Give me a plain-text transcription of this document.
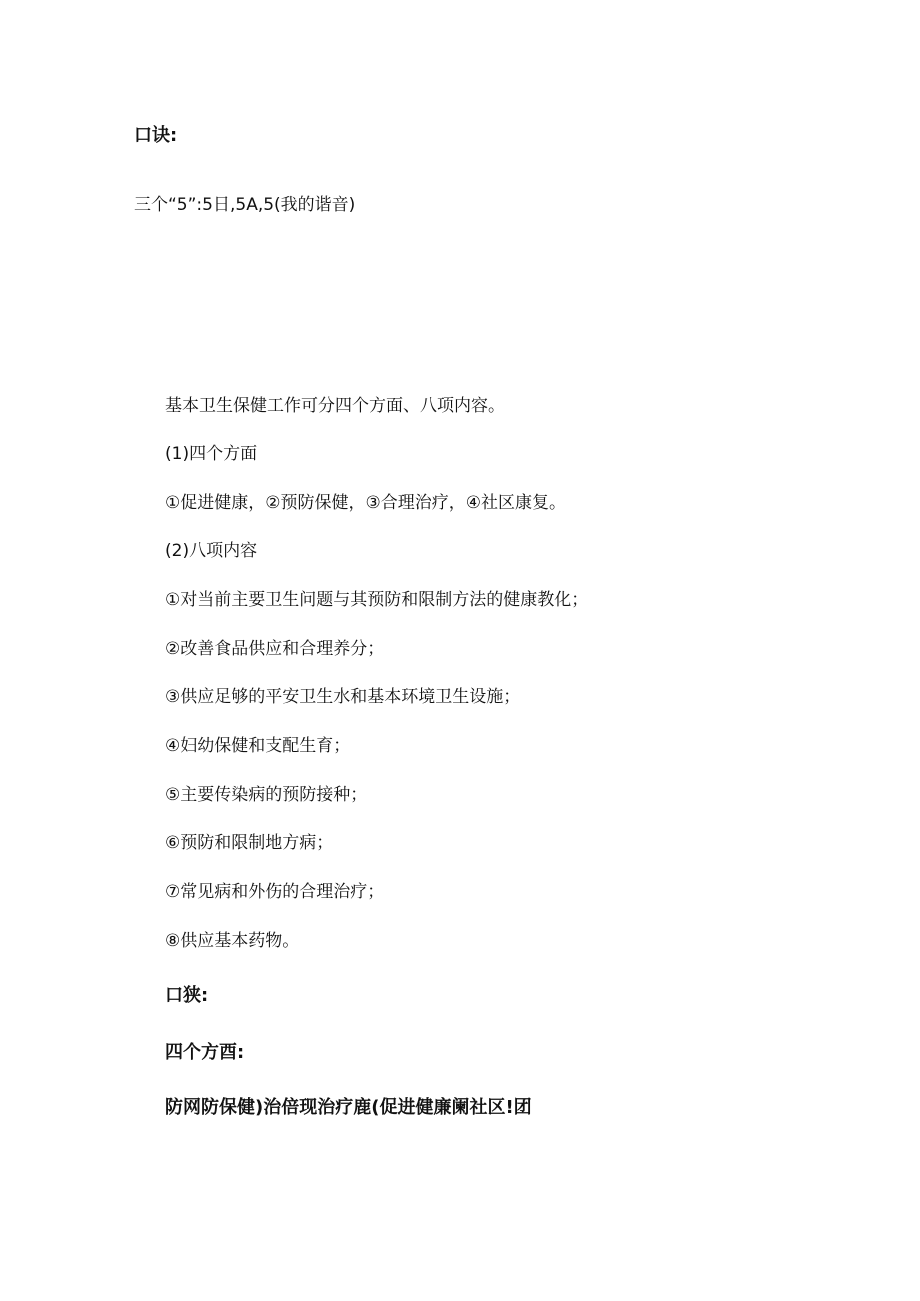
口诀:
三个“5”:5日,5A,5(我的谐音)
基本卫生保健工作可分四个方面、八项内容。
(1)四个方面
①促进健康，②预防保健，③合理治疗，④社区康复。
(2)八项内容
①对当前主要卫生问题与其预防和限制方法的健康教化；
②改善食品供应和合理养分；
③供应足够的平安卫生水和基本环境卫生设施；
④妇幼保健和支配生育；
⑤主要传染病的预防接种；
⑥预防和限制地方病；
⑦常见病和外伤的合理治疗；
⑧供应基本药物。
口狭:
四个方酉:
防网防保健)治倍现治疗鹿(促进健廉阑社区!团
